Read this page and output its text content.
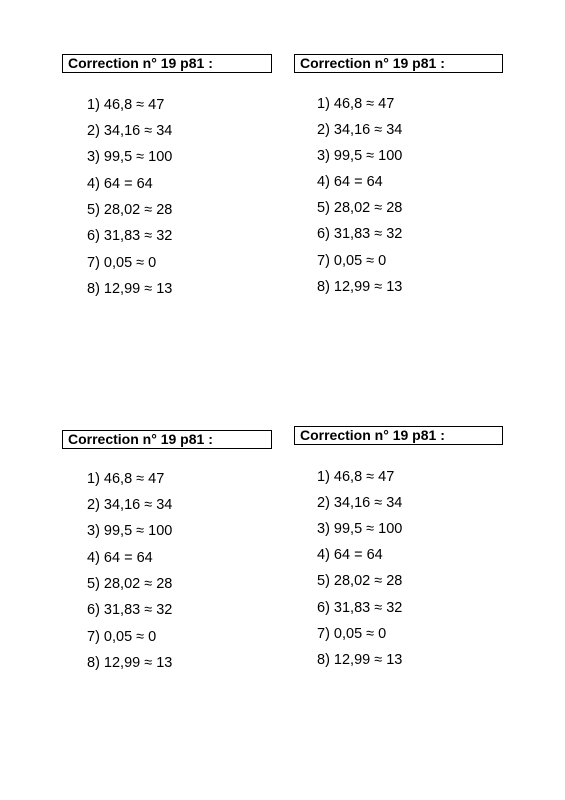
Correction n° 19 p81 :
1) 46,8 ≈ 47
2) 34,16 ≈ 34
3) 99,5 ≈ 100
4) 64 = 64
5) 28,02 ≈ 28
6) 31,83 ≈ 32
7) 0,05 ≈ 0
8) 12,99 ≈ 13
Correction n° 19 p81 :
1) 46,8 ≈ 47
2) 34,16 ≈ 34
3) 99,5 ≈ 100
4) 64 = 64
5) 28,02 ≈ 28
6) 31,83 ≈ 32
7) 0,05 ≈ 0
8) 12,99 ≈ 13
Correction n° 19 p81 :
1) 46,8 ≈ 47
2) 34,16 ≈ 34
3) 99,5 ≈ 100
4) 64 = 64
5) 28,02 ≈ 28
6) 31,83 ≈ 32
7) 0,05 ≈ 0
8) 12,99 ≈ 13
Correction n° 19 p81 :
1) 46,8 ≈ 47
2) 34,16 ≈ 34
3) 99,5 ≈ 100
4) 64 = 64
5) 28,02 ≈ 28
6) 31,83 ≈ 32
7) 0,05 ≈ 0
8) 12,99 ≈ 13
